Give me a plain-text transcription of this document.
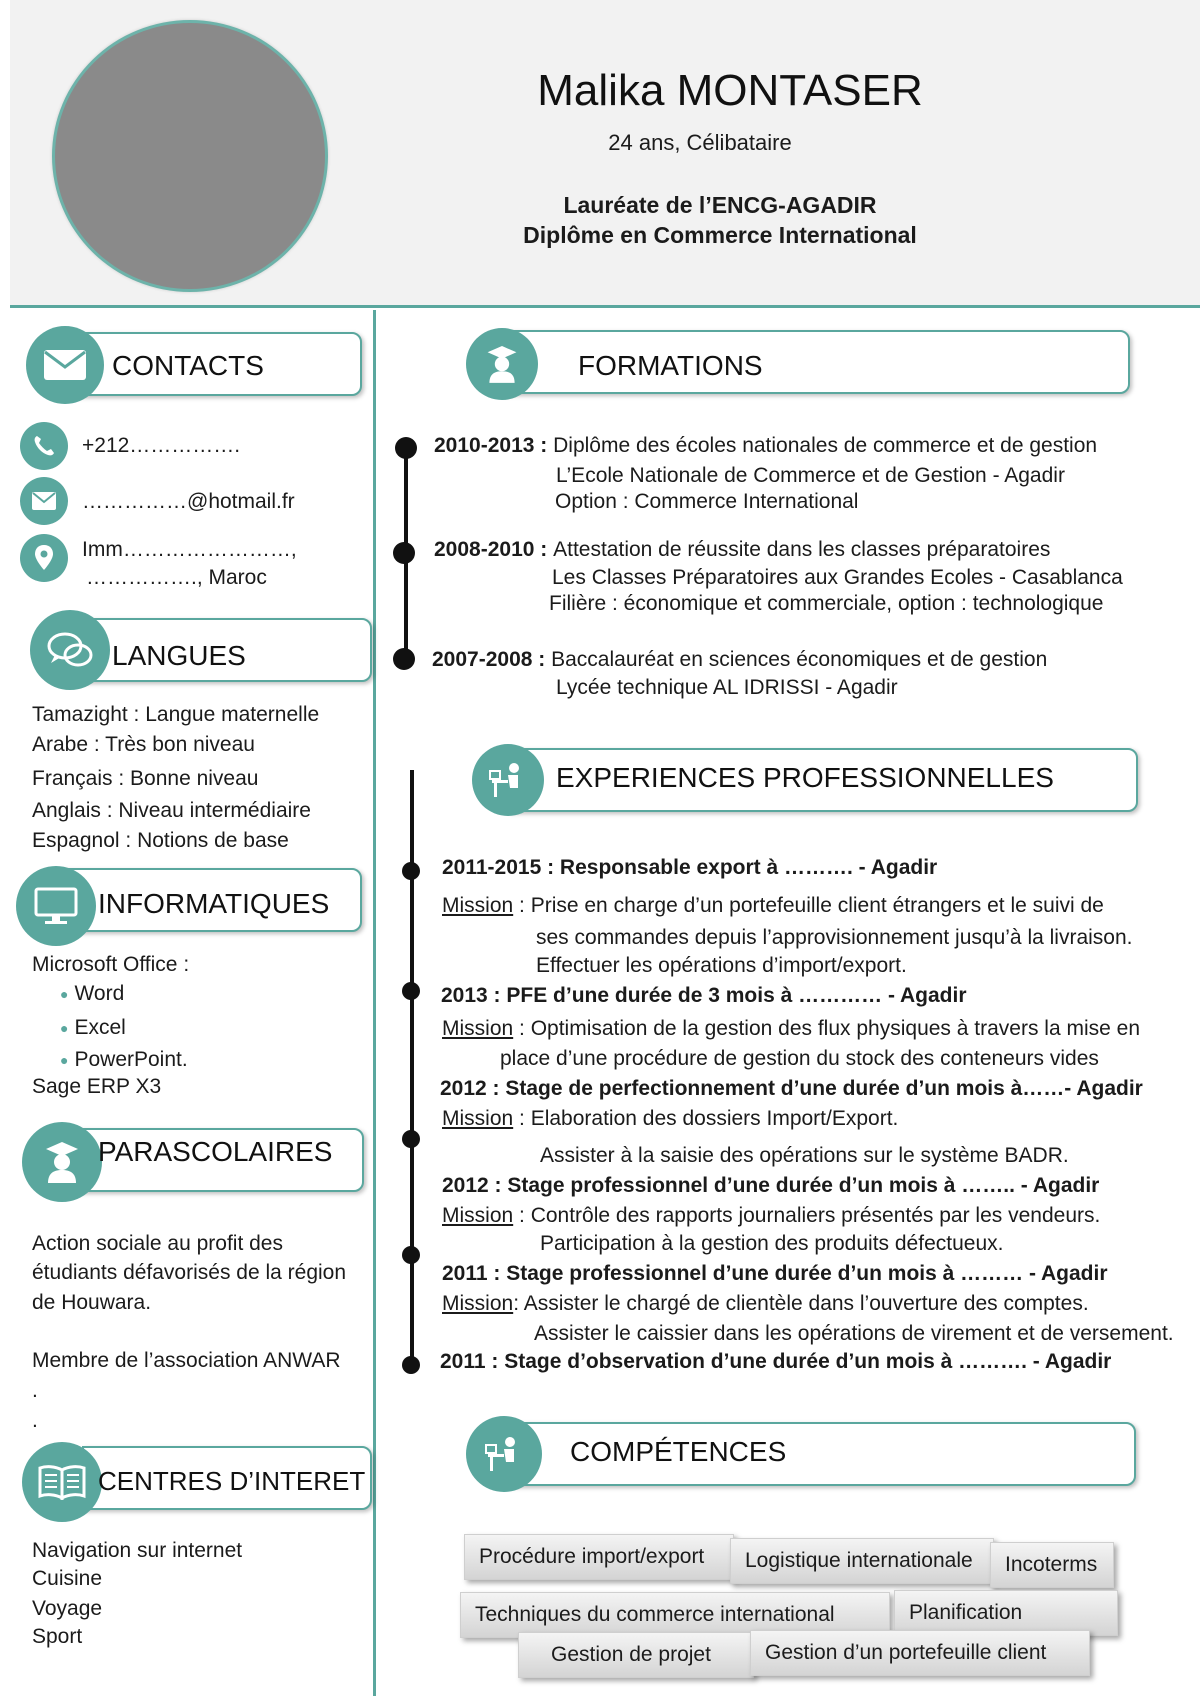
Malika MONTASER
24 ans, Célibataire
Lauréate de l’ENCG-AGADIR
Diplôme en Commerce International
CONTACTS
+212…………….
……………@hotmail.fr
Imm……………………,
……………., Maroc
LANGUES
Tamazight : Langue maternelle
Arabe : Très bon niveau
Français : Bonne niveau
Anglais : Niveau intermédiaire
Espagnol : Notions de base
INFORMATIQUES
Microsoft Office :
● Word
● Excel
● PowerPoint.
Sage ERP X3
PARASCOLAIRES
Action sociale au profit des
étudiants défavorisés de la région
de Houwara.
Membre de l’association ANWAR
.
.
CENTRES D’INTERET
Navigation sur internet
Cuisine
Voyage
Sport
FORMATIONS
2010-2013 : Diplôme des écoles nationales de commerce et de gestion
L’Ecole Nationale de Commerce et de Gestion - Agadir
Option : Commerce International
2008-2010 : Attestation de réussite dans les classes préparatoires
Les Classes Préparatoires aux Grandes Ecoles - Casablanca
Filière : économique et commerciale, option : technologique
2007-2008 : Baccalauréat en sciences économiques et de gestion
Lycée technique AL IDRISSI - Agadir
EXPERIENCES PROFESSIONNELLES
2011-2015 : Responsable export à ………. - Agadir
Mission : Prise en charge d’un portefeuille client étrangers et le suivi de
ses commandes depuis l’approvisionnement jusqu’à la livraison.
Effectuer les opérations d’import/export.
2013 : PFE d’une durée de 3 mois à ………… - Agadir
Mission : Optimisation de la gestion des flux physiques à travers la mise en
place d’une procédure de gestion du stock des conteneurs vides
2012 : Stage de perfectionnement d’une durée d’un mois à……- Agadir
Mission : Elaboration des dossiers Import/Export.
Assister à la saisie des opérations sur le système BADR.
2012 : Stage professionnel d’une durée d’un mois à …….. - Agadir
Mission : Contrôle des rapports journaliers présentés par les vendeurs.
Participation à la gestion des produits défectueux.
2011 : Stage professionnel d’une durée d’un mois à ……… - Agadir
Mission: Assister le chargé de clientèle dans l’ouverture des comptes.
Assister le caissier dans les opérations de virement et de versement.
2011 : Stage d’observation d’une durée d’un mois à ………. - Agadir
COMPÉTENCES
Procédure import/export	Logistique internationale	Incoterms
Techniques du commerce international	Planification
Gestion de projet	Gestion d’un portefeuille client
